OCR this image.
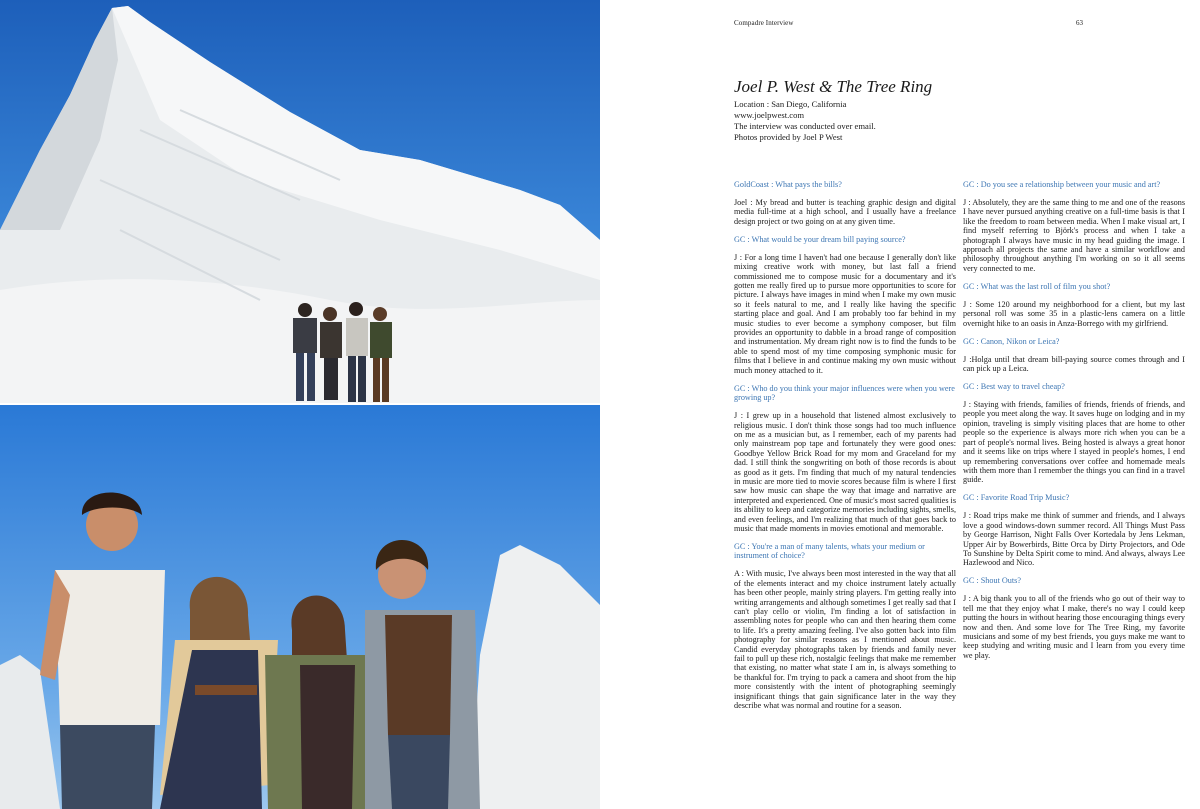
Compadre Interview	63
Joel P. West & The Tree Ring
Location : San Diego, California
www.joelpwest.com
The interview was conducted over email.
Photos provided by Joel P West

GoldCoast : What pays the bills?

Joel : My bread and butter is teaching graphic design and digital media full-time at a high school, and I usually have a freelance design project or two going on at any given time.

GC : What would be your dream bill paying source?

J : For a long time I haven't had one because I generally don't like mixing creative work with money, but last fall a friend commissioned me to compose music for a documentary and it's gotten me really fired up to pursue more opportunities to score for picture. I always have images in mind when I make my own music so it feels natural to me, and I really like having the specific starting place and goal. And I am probably too far behind in my music studies to ever become a symphony composer, but film provides an opportunity to dabble in a broad range of composition and instrumentation. My dream right now is to find the funds to be able to spend most of my time composing symphonic music for films that I believe in and continue making my own music without much money attached to it.

GC : Who do you think your major influences were when you were growing up?

J : I grew up in a household that listened almost exclusively to religious music. I don't think those songs had too much influence on me as a musician but, as I remember, each of my parents had only mainstream pop tape and fortunately they were good ones: Goodbye Yellow Brick Road for my mom and Graceland for my dad. I still think the songwriting on both of those records is about as good as it gets. I'm finding that much of my natural tendencies in music are more tied to movie scores because film is where I first saw how music can shape the way that image and narrative are interpreted and experienced. One of music's most sacred qualities is its ability to keep and categorize memories including sights, smells, and even feelings, and I'm realizing that much of that goes back to music that made moments in movies emotional and memorable.

GC : You're a man of many talents, whats your medium or instrument of choice?

A : With music, I've always been most interested in the way that all of the elements interact and my choice instrument lately actually has been other people, mainly string players. I'm getting really into writing arrangements and although sometimes I get really sad that I can't play cello or violin, I'm finding a lot of satisfaction in assembling notes for people who can and then hearing them come to life. It's a pretty amazing feeling. I've also gotten back into film photography for similar reasons as I mentioned about music. Candid everyday photographs taken by friends and family never fail to pull up these rich, nostalgic feelings that make me remember that existing, no matter what state I am in, is always something to be thankful for. I'm trying to pack a camera and shoot from the hip more consistently with the intent of photographing seemingly insignificant things that gain significance later in the way they describe what was normal and routine for a season.

GC : Do you see a relationship between your music and art?

J : Absolutely, they are the same thing to me and one of the reasons I have never pursued anything creative on a full-time basis is that I like the freedom to roam between media. When I make visual art, I find myself referring to Björk's process and when I take a photograph I always have music in my head guiding the image. I approach all projects the same and have a similar workflow and philosophy throughout anything I'm working on so it all seems very connected to me.

GC : What was the last roll of film you shot?

J : Some 120 around my neighborhood for a client, but my last personal roll was some 35 in a plastic-lens camera on a little overnight hike to an oasis in Anza-Borrego with my girlfriend.

GC : Canon, Nikon or Leica?

J :Holga until that dream bill-paying source comes through and I can pick up a Leica.

GC : Best way to travel cheap?

J : Staying with friends, families of friends, friends of friends, and people you meet along the way. It saves huge on lodging and in my opinion, traveling is simply visiting places that are home to other people so the experience is always more rich when you can be a part of people's normal lives. Being hosted is always a great honor and it seems like on trips where I stayed in people's homes, I end up remembering conversations over coffee and homemade meals with them more than I remember the things you can find in a travel guide.

GC : Favorite Road Trip Music?

J : Road trips make me think of summer and friends, and I always love a good windows-down summer record. All Things Must Pass by George Harrison, Night Falls Over Kortedala by Jens Lekman, Upper Air by Bowerbirds, Bitte Orca by Dirty Projectors, and Ode To Sunshine by Delta Spirit come to mind. And always, always Lee Hazlewood and Nico.

GC : Shout Outs?

J : A big thank you to all of the friends who go out of their way to tell me that they enjoy what I make, there's no way I could keep putting the hours in without hearing those encouraging things every now and then. And some love for The Tree Ring, my favorite musicians and some of my best friends, you guys make me want to keep studying and writing music and I learn from you every time we play.
